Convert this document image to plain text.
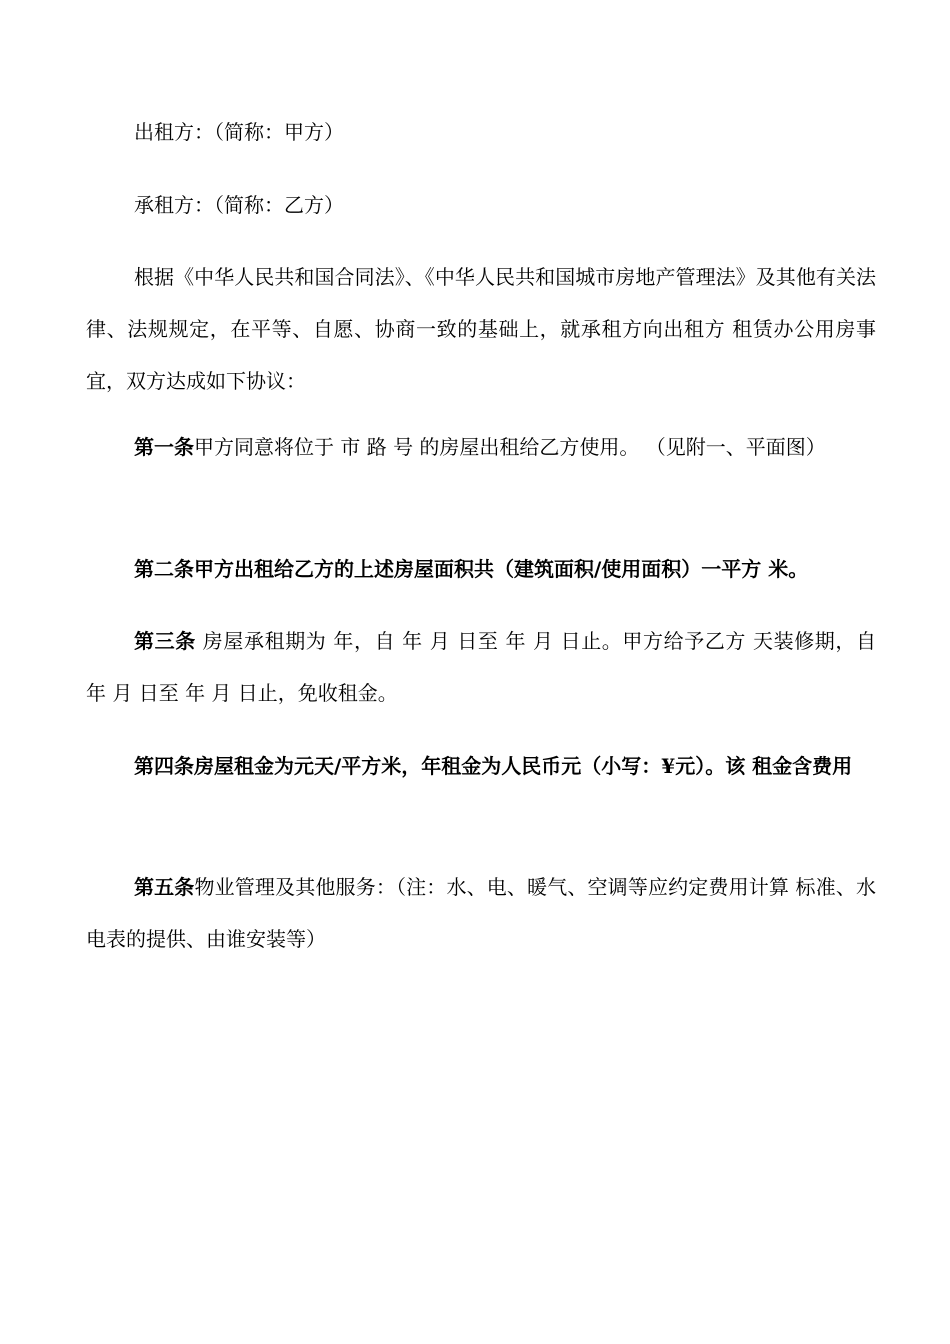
出租方：（简称：甲方）

承租方：（简称：乙方）

根据《中华人民共和国合同法》、《中华人民共和国城市房地产管理法》及其他有关法律、法规规定，在平等、自愿、协商一致的基础上，就承租方向出租方 租赁办公用房事宜，双方达成如下协议：

第一条甲方同意将位于 市 路 号 的房屋出租给乙方使用。 （见附一、平面图）

第二条甲方出租给乙方的上述房屋面积共（建筑面积/使用面积）一平方 米。

第三条 房屋承租期为 年，自 年 月 日至 年 月 日止。甲方给予乙方 天装修期，自 年 月 日至 年 月 日止，免收租金。

第四条房屋租金为元天/平方米，年租金为人民币元（小写：¥元）。该 租金含费用

第五条物业管理及其他服务：（注：水、电、暖气、空调等应约定费用计算 标准、水电表的提供、由谁安装等）
